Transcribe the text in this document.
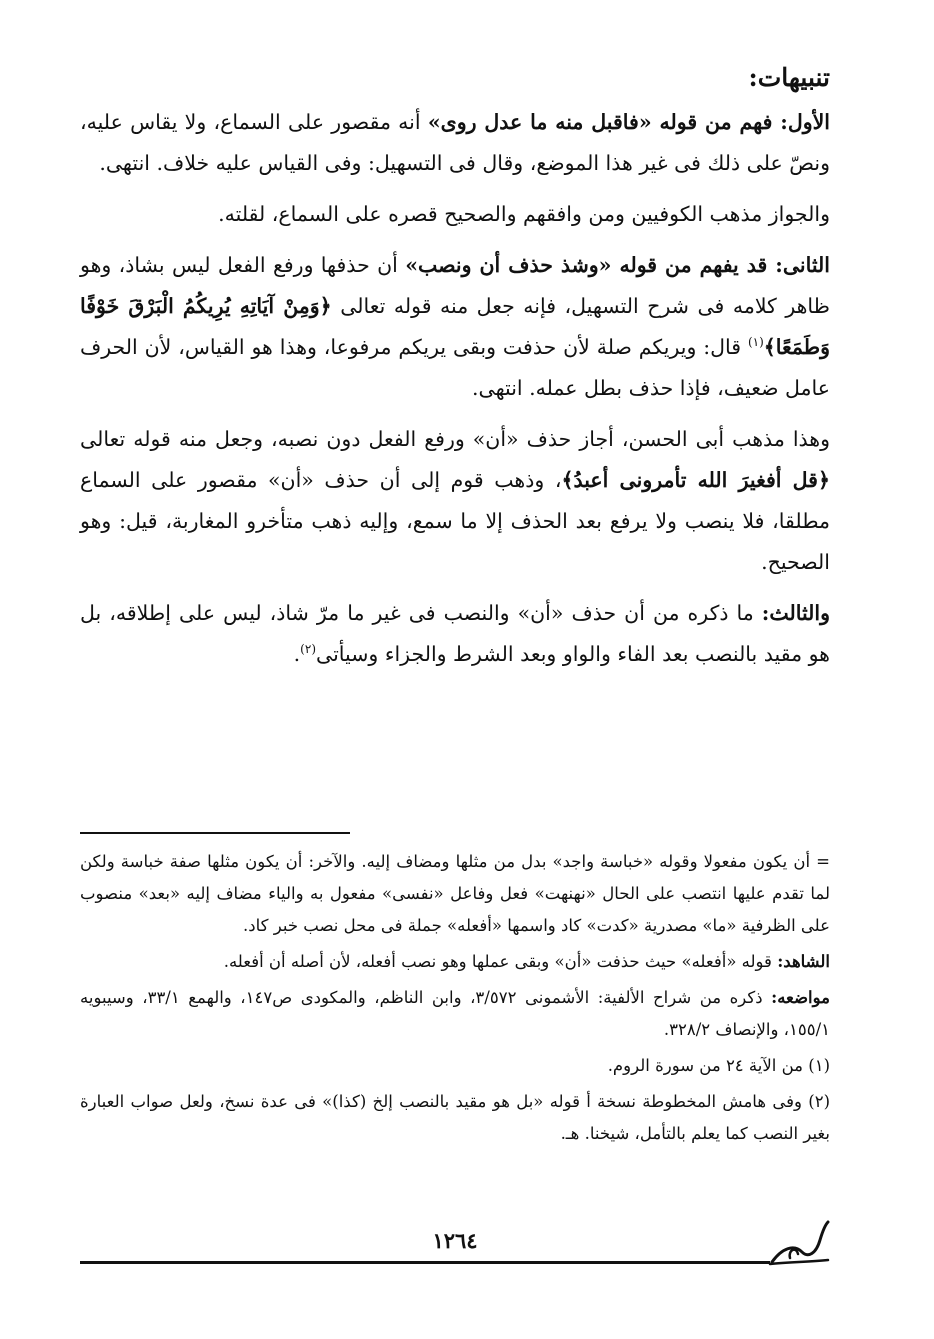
تنبيهات:

الأول: فهم من قوله «فاقبل منه ما عدل روى» أنه مقصور على السماع، ولا يقاس عليه، ونصّ على ذلك فى غير هذا الموضع، وقال فى التسهيل: وفى القياس عليه خلاف. انتهى.

والجواز مذهب الكوفيين ومن وافقهم والصحيح قصره على السماع، لقلته.

الثانى: قد يفهم من قوله «وشذ حذف أن ونصب» أن حذفها ورفع الفعل ليس بشاذ، وهو ظاهر كلامه فى شرح التسهيل، فإنه جعل منه قوله تعالى ﴿وَمِنْ آيَاتِهِ يُرِيكُمُ الْبَرْقَ خَوْفًا وَطَمَعًا﴾$^{(١)}$ قال: ويريكم صلة لأن حذفت وبقى يريكم مرفوعا، وهذا هو القياس، لأن الحرف عامل ضعيف، فإذا حذف بطل عمله. انتهى.

وهذا مذهب أبى الحسن، أجاز حذف «أن» ورفع الفعل دون نصبه، وجعل منه قوله تعالى ﴿قل أفغيرَ الله تأمرونى أعبدُ﴾، وذهب قوم إلى أن حذف «أن» مقصور على السماع مطلقا، فلا ينصب ولا يرفع بعد الحذف إلا ما سمع، وإليه ذهب متأخرو المغاربة، قيل: وهو الصحيح.

والثالث: ما ذكره من أن حذف «أن» والنصب فى غير ما مرّ شاذ، ليس على إطلاقه، بل هو مقيد بالنصب بعد الفاء والواو وبعد الشرط والجزاء وسيأتى$^{(٢)}$.

= أن يكون مفعولا وقوله «خباسة واجد» بدل من مثلها ومضاف إليه. والآخر: أن يكون مثلها صفة خباسة ولكن لما تقدم عليها انتصب على الحال «نهنهت» فعل وفاعل «نفسى» مفعول به والياء مضاف إليه «بعد» منصوب على الظرفية «ما» مصدرية «كدت» كاد واسمها «أفعله» جملة فى محل نصب خبر كاد.

الشاهد: قوله «أفعله» حيث حذفت «أن» وبقى عملها وهو نصب أفعله، لأن أصله أن أفعله.

مواضعه: ذكره من شراح الألفية: الأشمونى ٣/٥٧٢، وابن الناظم، والمكودى ص١٤٧، والهمع ٣٣/١، وسيبويه ١٥٥/١، والإنصاف ٣٢٨/٢.

(١) من الآية ٢٤ من سورة الروم.

(٢) وفى هامش المخطوطة نسخة أ قوله «بل هو مقيد بالنصب إلخ (كذا)» فى عدة نسخ، ولعل صواب العبارة بغير النصب كما يعلم بالتأمل، شيخنا. هـ.

١٢٦٤
